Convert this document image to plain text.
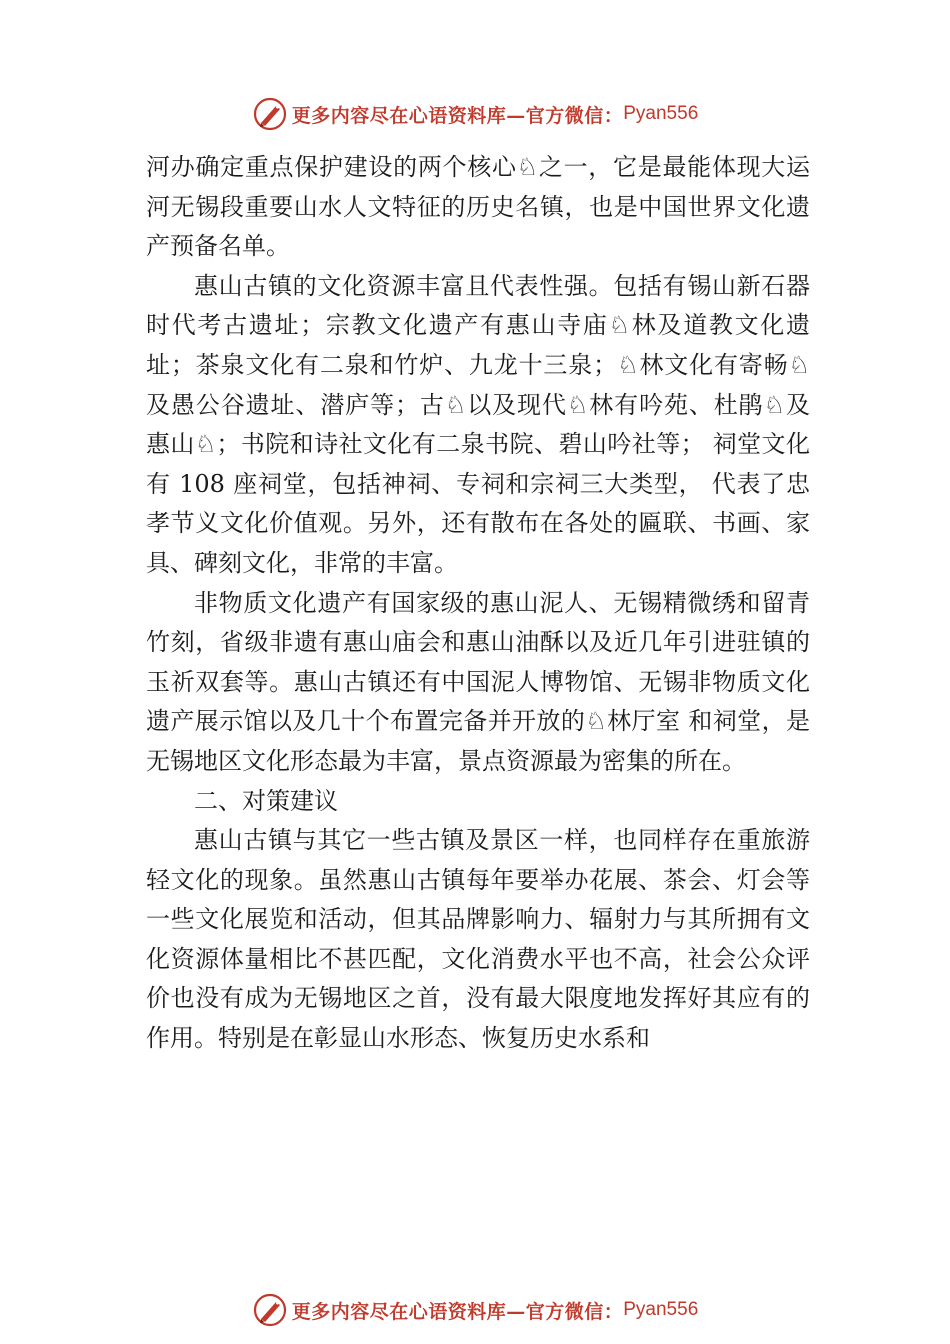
更多内容尽在心语资料库—官方微信： Pyan556

河办确定重点保护建设的两个核心♘之一，它是最能体现大运河无锡段重要山水人文特征的历史名镇，也是中国世界文化遗产预备名单。

惠山古镇的文化资源丰富且代表性强。包括有锡山新石器时代考古遗址；宗教文化遗产有惠山寺庙♘林及道教文化遗址；茶泉文化有二泉和竹炉、九龙十三泉；♘林文化有寄畅♘及愚公谷遗址、潜庐等；古♘以及现代♘林有吟苑、杜鹃♘及惠山♘；书院和诗社文化有二泉书院、碧山吟社等； 祠堂文化有 108 座祠堂，包括神祠、专祠和宗祠三大类型， 代表了忠孝节义文化价值观。另外，还有散布在各处的匾联、书画、家具、碑刻文化，非常的丰富。

非物质文化遗产有国家级的惠山泥人、无锡精微绣和留青竹刻，省级非遗有惠山庙会和惠山油酥以及近几年引进驻镇的玉祈双套等。惠山古镇还有中国泥人博物馆、无锡非物质文化遗产展示馆以及几十个布置完备并开放的♘林厅室 和祠堂，是无锡地区文化形态最为丰富，景点资源最为密集的所在。

二、对策建议

惠山古镇与其它一些古镇及景区一样，也同样存在重旅游轻文化的现象。虽然惠山古镇每年要举办花展、茶会、灯会等一些文化展览和活动，但其品牌影响力、辐射力与其所拥有文化资源体量相比不甚匹配，文化消费水平也不高，社会公众评价也没有成为无锡地区之首，没有最大限度地发挥好其应有的作用。特别是在彰显山水形态、恢复历史水系和

更多内容尽在心语资料库—官方微信： Pyan556
